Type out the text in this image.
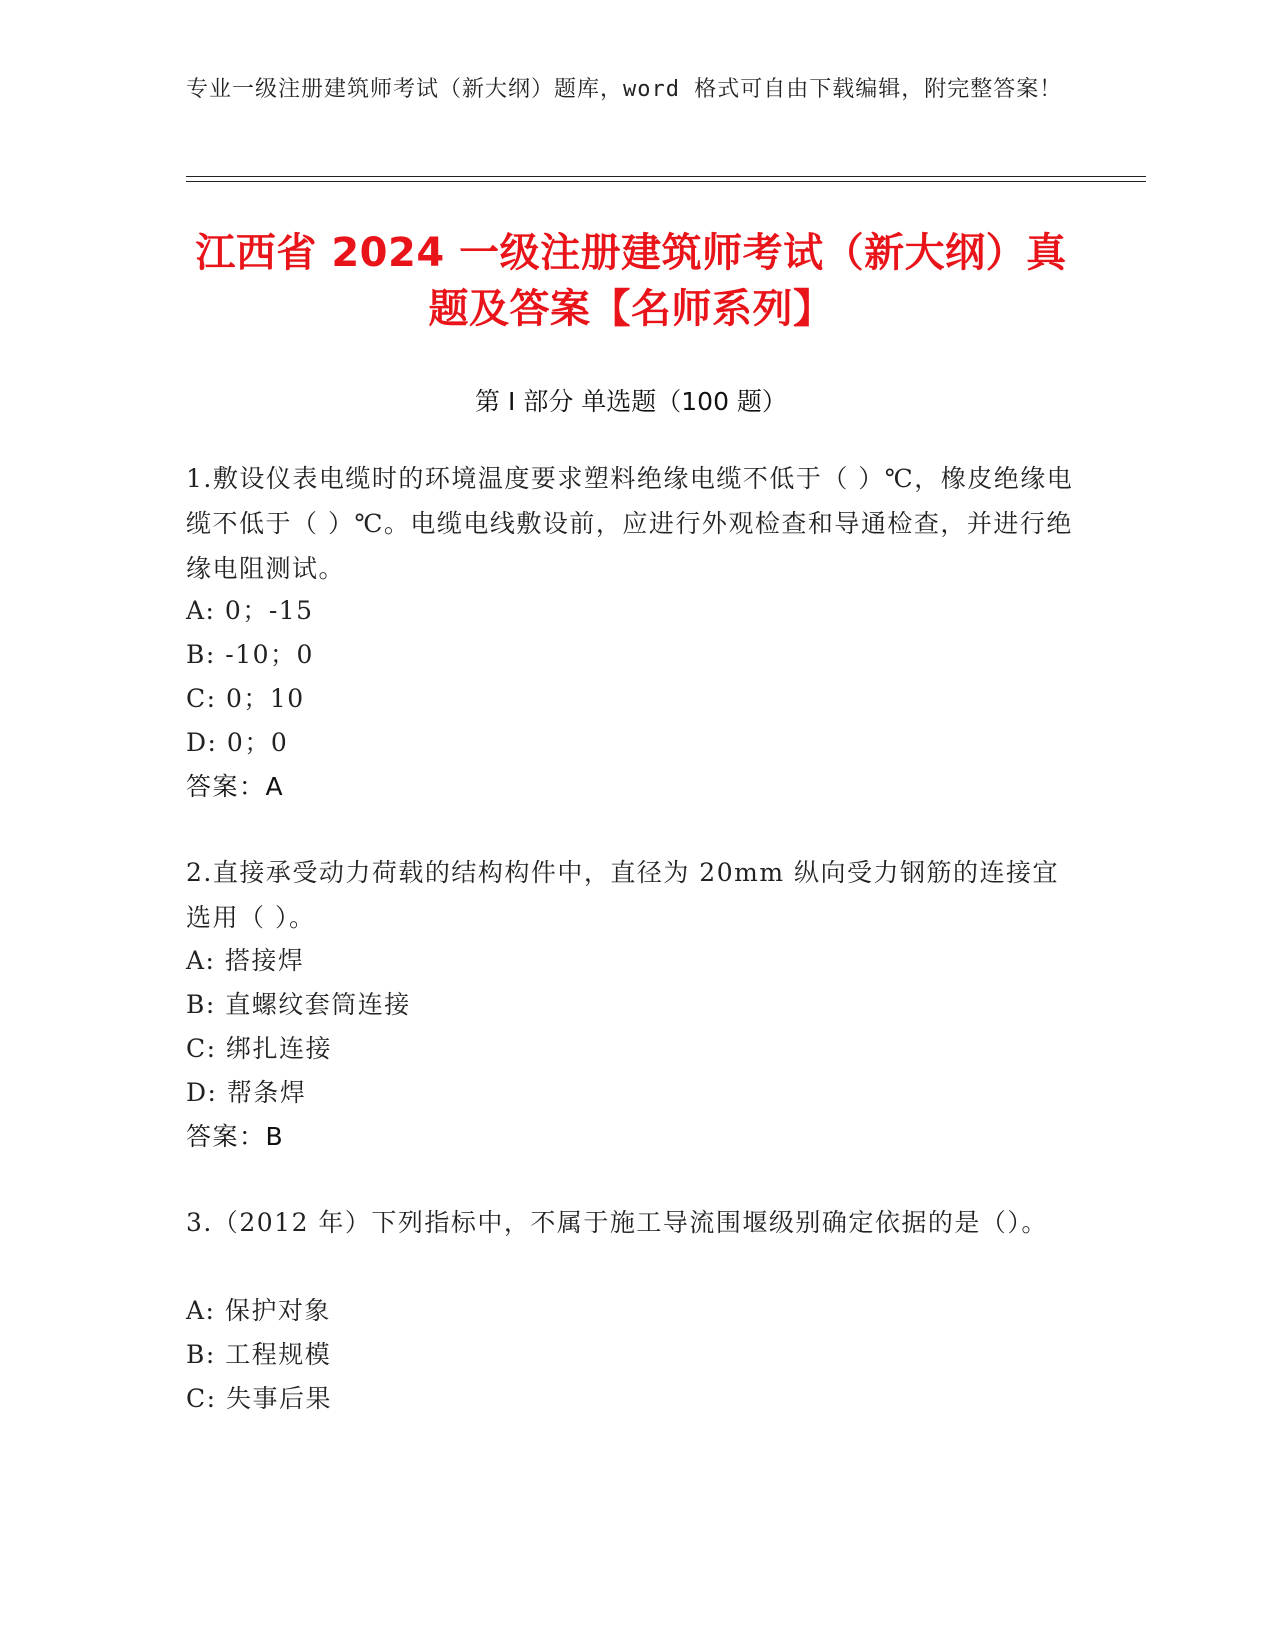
专业一级注册建筑师考试（新大纲）题库，word 格式可自由下载编辑，附完整答案！
江西省 2024 一级注册建筑师考试（新大纲）真题及答案【名师系列】
第 I 部分 单选题（100 题）
1.敷设仪表电缆时的环境温度要求塑料绝缘电缆不低于（ ）℃，橡皮绝缘电缆不低于（ ）℃。电缆电线敷设前，应进行外观检查和导通检查，并进行绝缘电阻测试。
A: 0；-15
B: -10；0
C: 0；10
D: 0；0
答案：A
2.直接承受动力荷载的结构构件中，直径为 20mm 纵向受力钢筋的连接宜选用（ ）。
A: 搭接焊
B: 直螺纹套筒连接
C: 绑扎连接
D: 帮条焊
答案：B
3.（2012 年）下列指标中，不属于施工导流围堰级别确定依据的是（）。
A: 保护对象
B: 工程规模
C: 失事后果
